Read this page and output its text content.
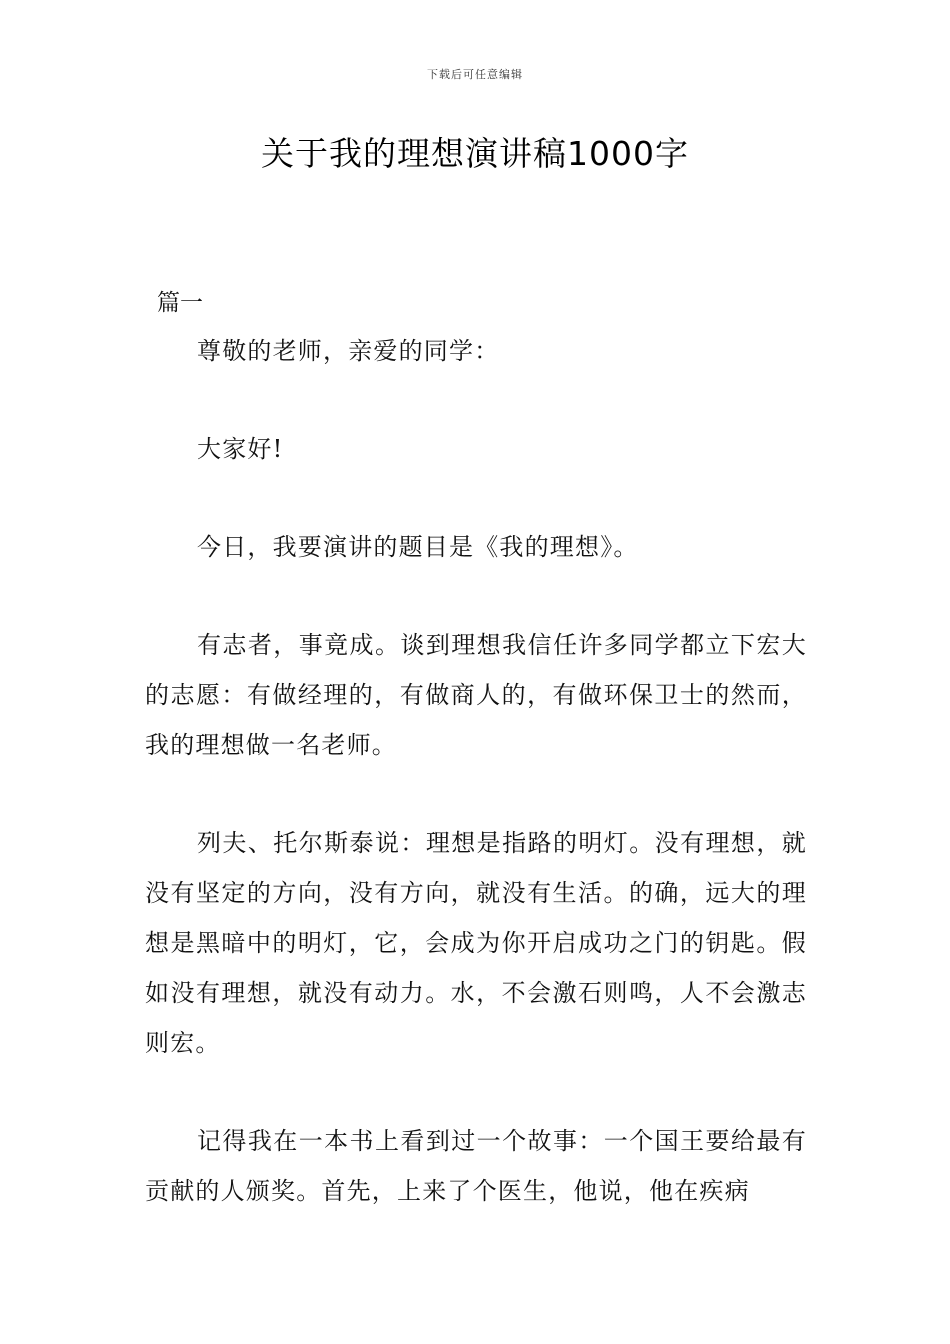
下载后可任意编辑
关于我的理想演讲稿1000字

篇一

尊敬的老师，亲爱的同学：

大家好!

今日，我要演讲的题目是《我的理想》。

有志者，事竟成。谈到理想我信任许多同学都立下宏大的志愿：有做经理的，有做商人的，有做环保卫士的然而，我的理想做一名老师。

列夫、托尔斯泰说：理想是指路的明灯。没有理想，就没有坚定的方向，没有方向，就没有生活。的确，远大的理想是黑暗中的明灯，它，会成为你开启成功之门的钥匙。假如没有理想，就没有动力。水，不会激石则鸣，人不会激志则宏。

记得我在一本书上看到过一个故事：一个国王要给最有贡献的人颁奖。首先，上来了个医生，他说，他在疾病
